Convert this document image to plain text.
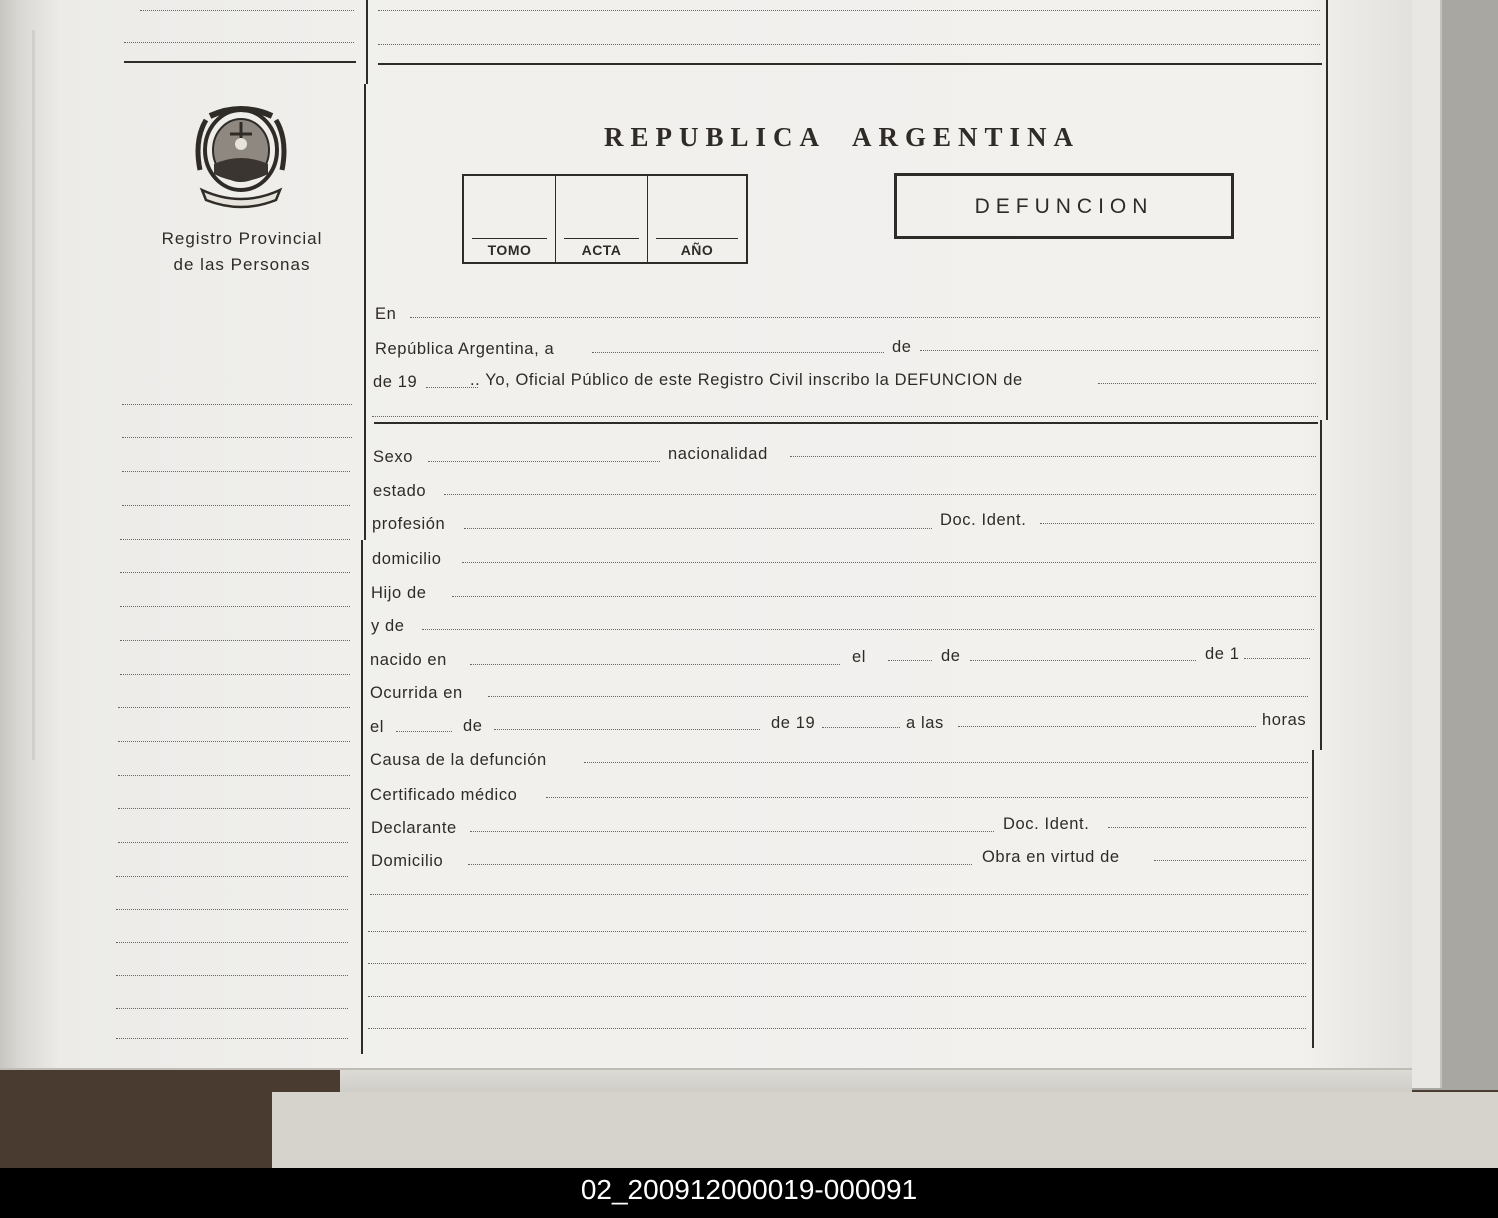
Registro Provincial
de las Personas
REPUBLICA ARGENTINA
TOMO	ACTA	AÑO
DEFUNCION
En
República Argentina, a	de
de 19	.. Yo, Oficial Público de este Registro Civil inscribo la DEFUNCION de
Sexo	nacionalidad
estado
profesión	Doc. Ident.
domicilio
Hijo de
y de
nacido en	el	de	de 1
Ocurrida en
el	de	de 19	a las	horas
Causa de la defunción
Certificado médico
Declarante	Doc. Ident.
Domicilio	Obra en virtud de
02_200912000019-000091
